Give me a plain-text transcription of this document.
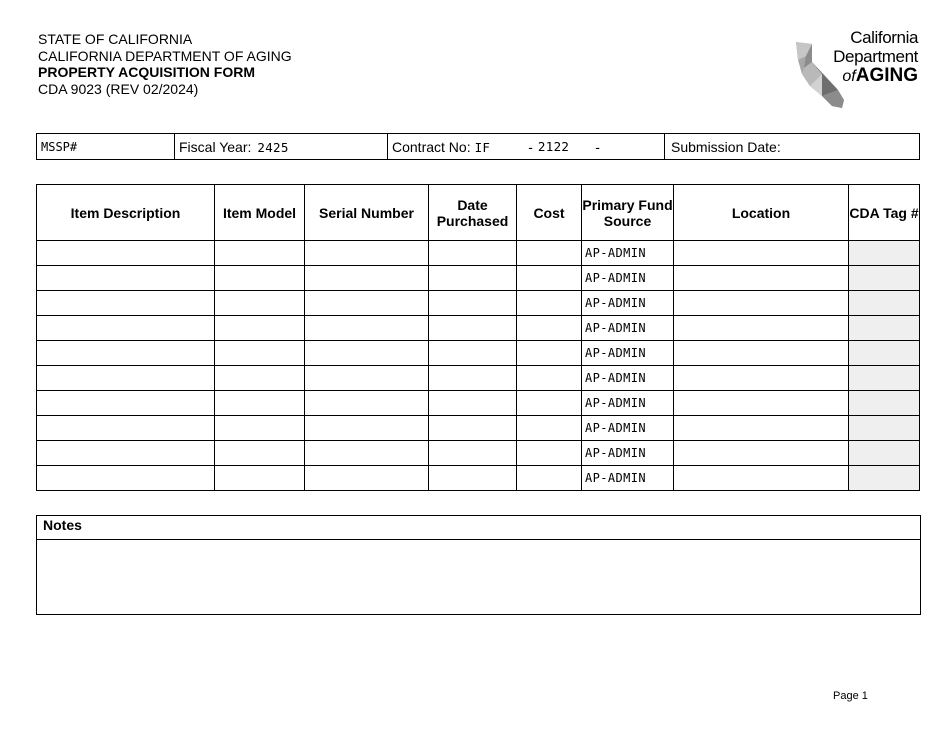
STATE OF CALIFORNIA
CALIFORNIA DEPARTMENT OF AGING
PROPERTY ACQUISITION FORM
CDA 9023 (REV 02/2024)
California
Department
ofAGING
MSSP#	Fiscal Year: 2425	Contract No: IF	- 2122 -	Submission Date:
Item Description	Item Model	Serial Number	Date Purchased	Cost	Primary Fund Source	Location	CDA Tag #
					AP-ADMIN		
					AP-ADMIN		
					AP-ADMIN		
					AP-ADMIN		
					AP-ADMIN		
					AP-ADMIN		
					AP-ADMIN		
					AP-ADMIN		
					AP-ADMIN		
					AP-ADMIN		
Notes
Page 1
